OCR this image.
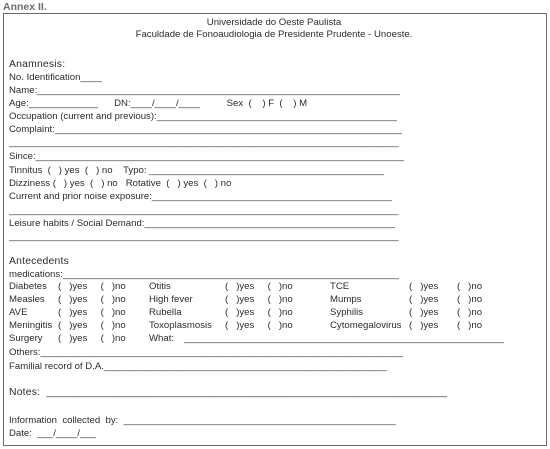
Annex II.
Universidade do Oeste Paulista
Faculdade de Fonoaudiologia de Presidente Prudente - Unoeste.
Anamnesis:
No. Identification____
Name:____________________________________________________________________
Age:_____________      DN:____/____/____          Sex  (    ) F  (    ) M
Occupation (current and previous):_____________________________________________
Complaint:_________________________________________________________________
_________________________________________________________________________
Since:_____________________________________________________________________
Tinnitus  (   ) yes  (   ) no    Typo: ____________________________________________
Dizziness (   ) yes  (   ) no   Rotative  (   ) yes  (   ) no
Current and prior noise exposure:_____________________________________________
_________________________________________________________________________
Leisure habits / Social Demand:_______________________________________________
_________________________________________________________________________
Antecedents
medications:_______________________________________________________________
Diabetes (   )yes     (   )no Otitis	(   )yes     (   )no	TCE	(   )yes       (   )no
Measles (   )yes     (   )no High fever	(   )yes     (   )no	Mumps	(   )yes       (   )no
AVE	(   )yes     (   )no Rubella	(   )yes     (   )no	Syphilis	(   )yes       (   )no
Meningitis (   )yes     (   )no Toxoplasmosis (   )yes     (   )no	Cytomegalovirus (   )yes       (   )no
Surgery (   )yes     (   )no What: ____________________________________________________________
Others:____________________________________________________________________
Familial record of D.A._____________________________________________________
Notes:  ___________________________________________________________________
Information  collected  by:  ___________________________________________________
Date:  ___/____/___
